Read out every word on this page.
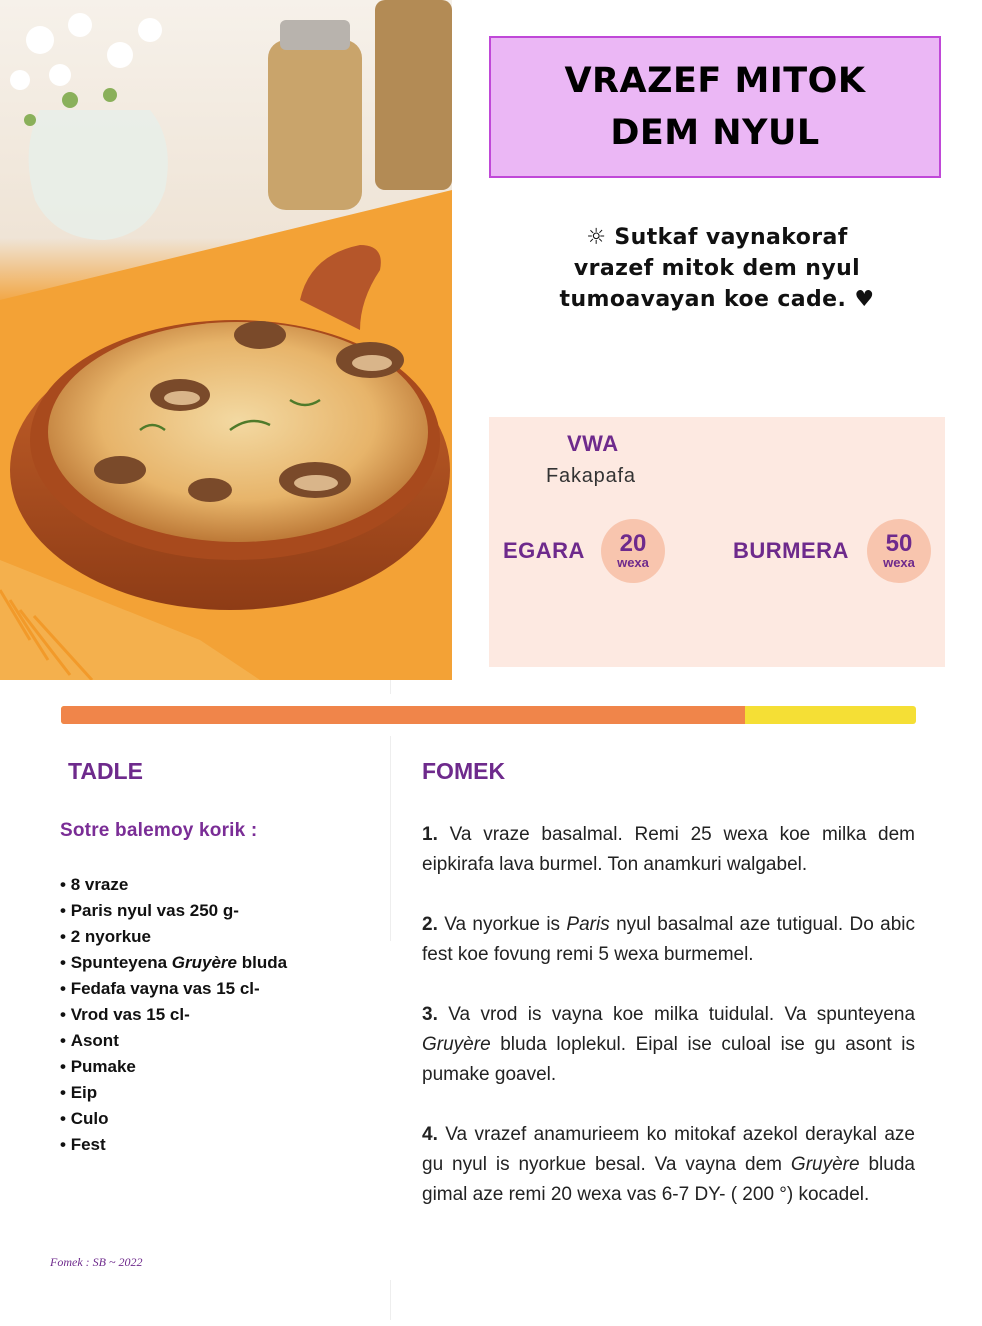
VRAZEF MITOK
DEM NYUL
☼ Sutkaf vaynakoraf
vrazef mitok dem nyul
tumoavayan koe cade. ♥
VWA
Fakapafa
EGARA	20
wexa	BURMERA	50
wexa
TADLE
Sotre balemoy korik :
• 8 vraze
• Paris nyul vas 250 g-
• 2 nyorkue
• Spunteyena Gruyère bluda
• Fedafa vayna vas 15 cl-
• Vrod vas 15 cl-
• Asont
• Pumake
• Eip
• Culo
• Fest
FOMEK

1. Va vraze basalmal. Remi 25 wexa koe milka dem eipkirafa lava burmel. Ton anamkuri walgabel.

2. Va nyorkue is Paris nyul basalmal aze tutigual. Do abic fest koe fovung remi 5 wexa burmemel.

3. Va vrod is vayna koe milka tuidulal. Va spunteyena Gruyère bluda loplekul. Eipal ise culoal ise gu asont is pumake goavel.

4. Va vrazef anamurieem ko mitokaf azekol deraykal aze gu nyul is nyorkue besal. Va vayna dem Gruyère bluda gimal aze remi 20 wexa vas 6-7 DY- ( 200 °) kocadel.

Fomek : SB ~ 2022
